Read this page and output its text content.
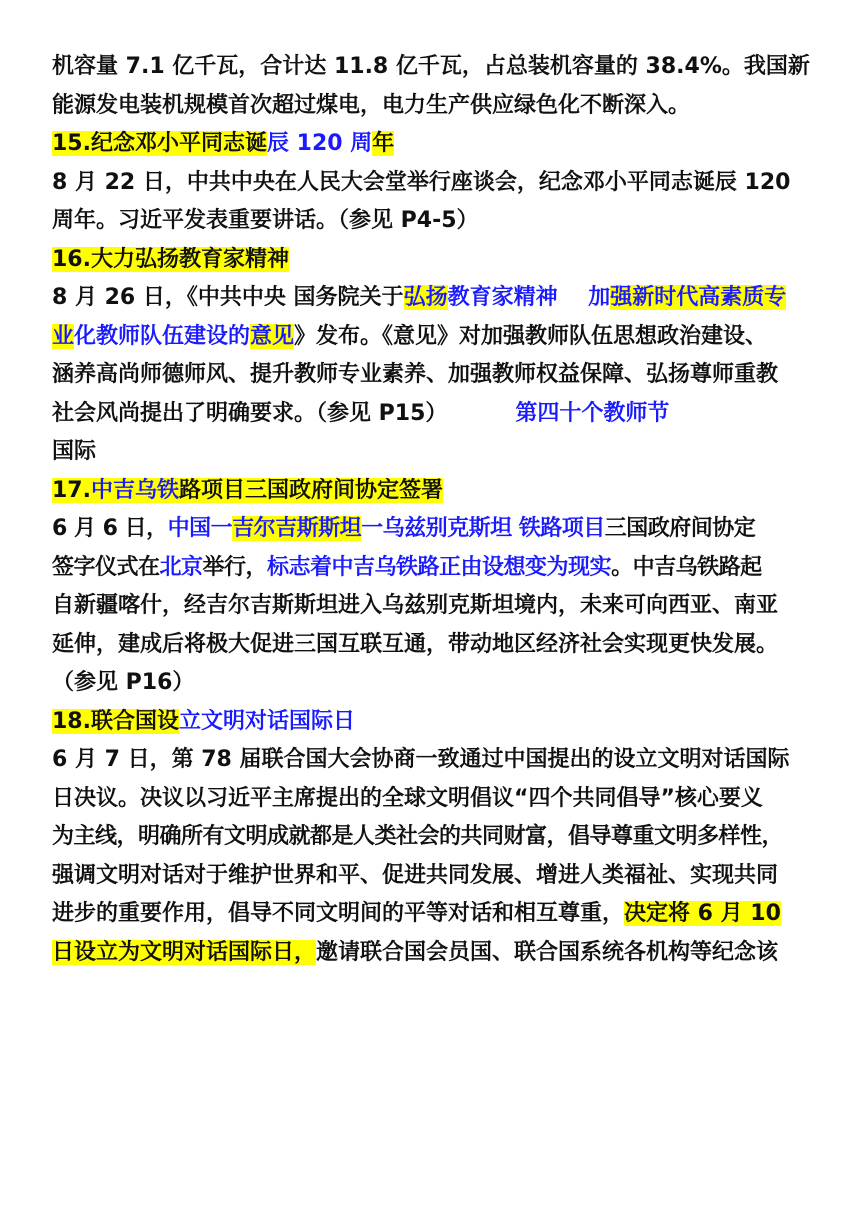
机容量 7.1 亿千瓦，合计达 11.8 亿千瓦，占总装机容量的 38.4%。我国新
能源发电装机规模首次超过煤电，电力生产供应绿色化不断深入。
15.纪念邓小平同志诞辰 120 周年
8 月 22 日，中共中央在人民大会堂举行座谈会，纪念邓小平同志诞辰 120
周年。习近平发表重要讲话。（参见 P4-5）
16.大力弘扬教育家精神
8 月 26 日，《中共中央 国务院关于弘扬教育家精神    加强新时代高素质专
业化教师队伍建设的意见》发布。《意见》对加强教师队伍思想政治建设、
涵养高尚师德师风、提升教师专业素养、加强教师权益保障、弘扬尊师重教
社会风尚提出了明确要求。（参见 P15）	第四十个教师节
国际
17.中吉乌铁路项目三国政府间协定签署
6 月 6 日，中国一吉尔吉斯斯坦一乌兹别克斯坦 铁路项目三国政府间协定
签字仪式在北京举行，标志着中吉乌铁路正由设想变为现实。中吉乌铁路起
自新疆喀什，经吉尔吉斯斯坦进入乌兹别克斯坦境内，未来可向西亚、南亚
延伸，建成后将极大促进三国互联互通，带动地区经济社会实现更快发展。
（参见 P16）
18.联合国设立文明对话国际日
6 月 7 日，第 78 届联合国大会协商一致通过中国提出的设立文明对话国际
日决议。决议以习近平主席提出的全球文明倡议“四个共同倡导”核心要义
为主线，明确所有文明成就都是人类社会的共同财富，倡导尊重文明多样性，
强调文明对话对于维护世界和平、促进共同发展、增进人类福祉、实现共同
进步的重要作用，倡导不同文明间的平等对话和相互尊重，决定将 6 月 10
日设立为文明对话国际日，邀请联合国会员国、联合国系统各机构等纪念该
